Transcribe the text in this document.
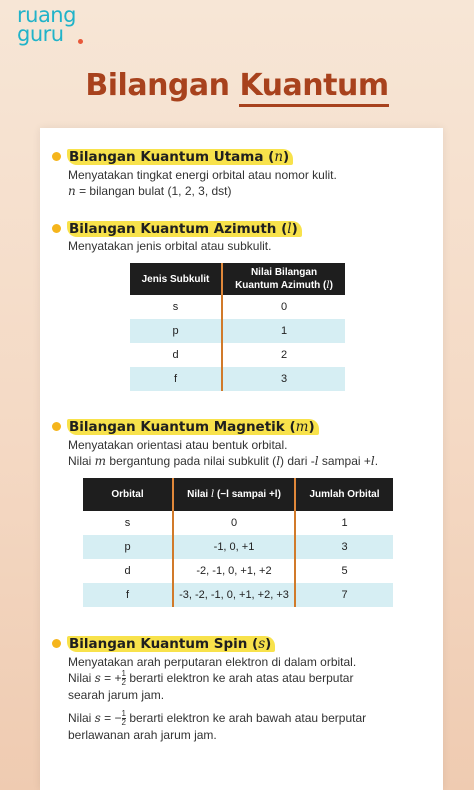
ruang
guru
Bilangan Kuantum
Bilangan Kuantum Utama (n)
Menyatakan tingkat energi orbital atau nomor kulit.
n = bilangan bulat (1, 2, 3, dst)
Bilangan Kuantum Azimuth (l)
Menyatakan jenis orbital atau subkulit.
Jenis Subkulit	Nilai Bilangan
Kuantum Azimuth (l)
s	0
p	1
d	2
f	3
Bilangan Kuantum Magnetik (m)
Menyatakan orientasi atau bentuk orbital.
Nilai m bergantung pada nilai subkulit (l) dari -l sampai +l.
Orbital	Nilai l (−l sampai +l)	Jumlah Orbital
s	0	1
p	-1, 0, +1	3
d	-2, -1, 0, +1, +2	5
f	-3, -2, -1, 0, +1, +2, +3	7
Bilangan Kuantum Spin (s)
Menyatakan arah perputaran elektron di dalam orbital.
Nilai s = + $\frac{1}{2}$ berarti elektron ke arah atas atau berputar
searah jarum jam.
Nilai s = − $\frac{1}{2}$ berarti elektron ke arah bawah atau berputar
berlawanan arah jarum jam.
